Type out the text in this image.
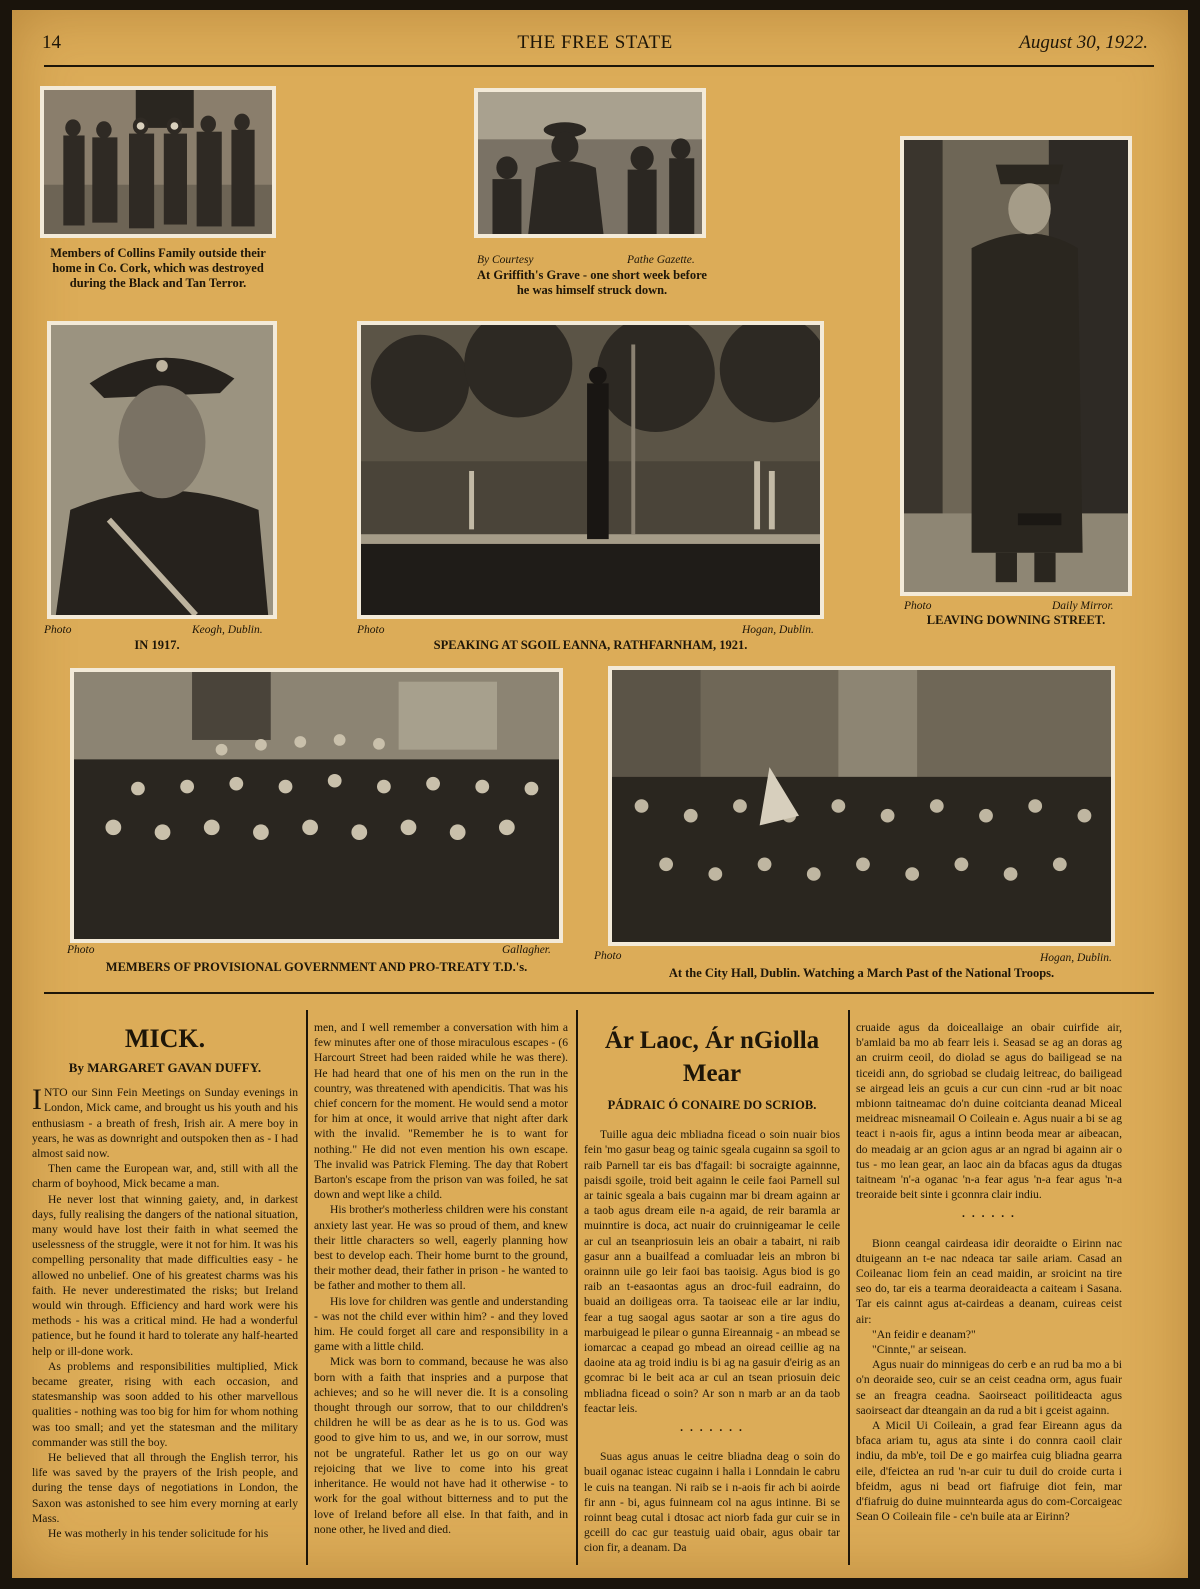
14	THE FREE STATE	August 30, 1922.
Members of Collins Family outside their home in Co. Cork, which was destroyed during the Black and Tan Terror.
By Courtesy	Pathe Gazette.
At Griffith's Grave - one short week before he was himself struck down.
Photo	Keogh, Dublin.
IN 1917.
Photo	Hogan, Dublin.
SPEAKING AT SGOIL EANNA, RATHFARNHAM, 1921.
Photo	Daily Mirror.
LEAVING DOWNING STREET.
Photo	Gallagher.
MEMBERS OF PROVISIONAL GOVERNMENT AND PRO-TREATY T.D.'s.
Photo	Hogan, Dublin.
At the City Hall, Dublin. Watching a March Past of the National Troops.
MICK.
By MARGARET GAVAN DUFFY.

INTO our Sinn Fein Meetings on Sunday evenings in London, Mick came, and brought us his youth and his enthusiasm - a breath of fresh, Irish air. A mere boy in years, he was as downright and outspoken then as - I had almost said now.

Then came the European war, and, still with all the charm of boyhood, Mick became a man.

He never lost that winning gaiety, and, in darkest days, fully realising the dangers of the national situation, many would have lost their faith in what seemed the uselessness of the struggle, were it not for him. It was his compelling personality that made difficulties easy - he allowed no unbelief. One of his greatest charms was his faith. He never underestimated the risks; but Ireland would win through. Efficiency and hard work were his methods - his was a critical mind. He had a wonderful patience, but he found it hard to tolerate any half-hearted help or ill-done work.

As problems and responsibilities multiplied, Mick became greater, rising with each occasion, and statesmanship was soon added to his other marvellous qualities - nothing was too big for him for whom nothing was too small; and yet the statesman and the military commander was still the boy.

He believed that all through the English terror, his life was saved by the prayers of the Irish people, and during the tense days of negotiations in London, the Saxon was astonished to see him every morning at early Mass.

He was motherly in his tender solicitude for his

men, and I well remember a conversation with him a few minutes after one of those miraculous escapes - (6 Harcourt Street had been raided while he was there). He had heard that one of his men on the run in the country, was threatened with apendicitis. That was his chief concern for the moment. He would send a motor for him at once, it would arrive that night after dark with the invalid. "Remember he is to want for nothing." He did not even mention his own escape. The invalid was Patrick Fleming. The day that Robert Barton's escape from the prison van was foiled, he sat down and wept like a child.

His brother's motherless children were his constant anxiety last year. He was so proud of them, and knew their little characters so well, eagerly planning how best to develop each. Their home burnt to the ground, their mother dead, their father in prison - he wanted to be father and mother to them all.

His love for children was gentle and understanding - was not the child ever within him? - and they loved him. He could forget all care and responsibility in a game with a little child.

Mick was born to command, because he was also born with a faith that inspries and a purpose that achieves; and so he will never die. It is a consoling thought through our sorrow, that to our childdren's children he will be as dear as he is to us. God was good to give him to us, and we, in our sorrow, must not be ungrateful. Rather let us go on our way rejoicing that we live to come into his great inheritance. He would not have had it otherwise - to work for the goal without bitterness and to put the love of Ireland before all else. In that faith, and in none other, he lived and died.

Ár Laoc, Ár nGiolla Mear
PÁDRAIC Ó CONAIRE DO SCRIOB.

Tuille agua deic mbliadna ficead o soin nuair bios fein 'mo gasur beag og tainic sgeala cugainn sa sgoil to raib Parnell tar eis bas d'fagail: bi socraigte againnne, paisdi sgoile, troid beit againn le ceile faoi Parnell sul ar tainic sgeala a bais cugainn mar bi dream againn ar a taob agus dream eile n-a agaid, de reir baramla ar muinntire is doca, act nuair do cruinnigeamar le ceile ar cul an tseanpriosuin leis an obair a tabairt, ni raib gasur ann a buailfead a comluadar leis an mbron bi orainnn uile go leir faoi bas taoisig. Agus biod is go raib an t-easaontas agus an droc-fuil eadrainn, do buaid an doiligeas orra. Ta taoiseac eile ar lar indiu, fear a tug saogal agus saotar ar son a tire agus do marbuigead le pilear o gunna Eireannaig - an mbead se iomarcac a ceapad go mbead an oiread ceillie ag na daoine ata ag troid indiu is bi ag na gasuir d'eirig as an gcomrac bi le beit aca ar cul an tsean priosuin deic mbliadna ficead o soin? Ar son n marb ar an da taob feactar leis.

. . . . . . .

Suas agus anuas le ceitre bliadna deag o soin do buail oganac isteac cugainn i halla i Lonndain le cabru le cuis na teangan. Ni raib se i n-aois fir ach bi aoirde fir ann - bi, agus fuinneam col na agus intinne. Bi se roinnt beag cutal i dtosac act niorb fada gur cuir se in gceill do cac gur teastuig uaid obair, agus obair tar cion fir, a deanam. Da

cruaide agus da doiceallaige an obair cuirfide air, b'amlaid ba mo ab fearr leis i. Seasad se ag an doras ag an cruirm ceoil, do diolad se agus do bailigead se na ticeidi ann, do sgriobad se cludaig leitreac, do bailigead se airgead leis an gcuis a cur cun cinn -rud ar bit noac mbionn taitneamac do'n duine coitcianta deanad Miceal meidreac misneamail O Coileain e. Agus nuair a bi se ag teact i n-aois fir, agus a intinn beoda mear ar aibeacan, do meadaig ar an gcion agus ar an ngrad bi againn air o tus - mo lean gear, an laoc ain da bfacas agus da dtugas taitneam 'n'-a oganac 'n-a fear agus 'n-a fear agus 'n-a treoraide beit sinte i gconnra clair indiu.

. . . . . .

Bionn ceangal cairdeasa idir deoraidte o Eirinn nac dtuigeann an t-e nac ndeaca tar saile ariam. Casad an Coileanac liom fein an cead maidin, ar sroicint na tire seo do, tar eis a tearma deoraideacta a caiteam i Sasana. Tar eis cainnt agus at-cairdeas a deanam, cuireas ceist air:

"An feidir e deanam?"

"Cinnte," ar seisean.

Agus nuair do minnigeas do cerb e an rud ba mo a bi o'n deoraide seo, cuir se an ceist ceadna orm, agus fuair se an freagra ceadna. Saoirseact poilitideacta agus saoirseact dar dteangain an da rud a bit i gceist againn.

A Micil Ui Coileain, a grad fear Eireann agus da bfaca ariam tu, agus ata sinte i do connra caoil clair indiu, da mb'e, toil De e go mairfea cuig bliadna gearra eile, d'feictea an rud 'n-ar cuir tu duil do croide curta i bfeidm, agus ni bead ort fiafruige diot fein, mar d'fiafruig do duine muinntearda agus do com-Corcaigeac Sean O Coileain file - ce'n buile ata ar Eirinn?
